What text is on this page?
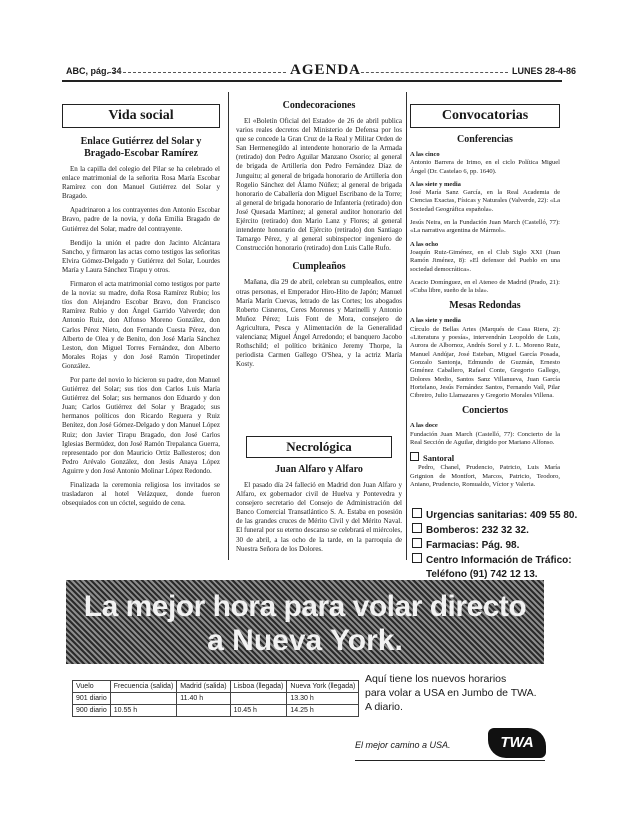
ABC, pág. 34	AGENDA	LUNES 28-4-86
Vida social
Enlace Gutiérrez del Solar y Bragado-Escobar Ramírez

En la capilla del colegio del Pilar se ha celebrado el enlace matrimonial de la señorita Rosa María Escobar Ramírez con don Manuel Gutiérrez del Solar y Bragado.

Apadrinaron a los contrayentes don Antonio Escobar Bravo, padre de la novia, y doña Emilia Bragado de Gutiérrez del Solar, madre del contrayente.

Bendijo la unión el padre don Jacinto Alcántara Sancho, y firmaron las actas como testigos las señoritas Elvira Gómez-Delgado y Gutiérrez del Solar, Lourdes María y Laura Sánchez Tirapu y otros.

Firmaron el acta matrimonial como testigos por parte de la novia: su madre, doña Rosa Ramírez Rubio; los tíos don Alejandro Escobar Bravo, don Francisco Ramírez Rubio y don Ángel Garrido Valverde; don Antonio Ruiz, don Alfonso Moreno González, don Carlos Pérez Nieto, don Fernando Cuesta Pérez, don Alberto de Olea y de Benito, don José María Sánchez Leston, don Miguel Torres Fernández, don Alberto Morales Rojas y don José Ramón Tiropetinder González.

Por parte del novio lo hicieron su padre, don Manuel Gutiérrez del Solar; sus tíos don Carlos Luis María Gutiérrez del Solar; sus hermanos don Eduardo y don Juan; Carlos Gutiérrez del Solar y Bragado; sus hermanos políticos don Ricardo Reguera y Ruiz Benítez, don José Gómez-Delgado y don Manuel López Ruiz; don Javier Tirapu Bragado, don José Carlos Iglesias Bermúdez, don José Ramón Trepalanca Guerra, representado por don Mauricio Ortiz Ballesteros; don Pedro Arévalo González, don Jesús Anaya López Aguirre y don José Antonio Molinar López Redondo.

Finalizada la ceremonia religiosa los invitados se trasladaron al hotel Velázquez, donde fueron obsequiados con un cóctel, seguido de cena.

Condecoraciones

El «Boletín Oficial del Estado» de 26 de abril publica varios reales decretos del Ministerio de Defensa por los que se concede la Gran Cruz de la Real y Militar Orden de San Hermenegildo al intendente honorario de la Armada (retirado) don Pedro Aguilar Manzano Osorio; al general de brigada de Artillería don Pedro Fernández Díaz de Junguitu; al general de brigada honorario de Artillería don Rogelio Sánchez del Álamo Núñez; al general de brigada honorario de Caballería don Miguel Escribano de la Torre; al general de brigada honorario de Infantería (retirado) don José Quesada Martínez; al general auditor honorario del Ejército (retirado) don Mario Lanz y Flores; al general intendente honorario del Ejército (retirado) don Santiago Tamargo Pérez, y al general subinspector ingeniero de Construcción honorario (retirado) don Luis Calle Rufo.

Cumpleaños

Mañana, día 29 de abril, celebran su cumpleaños, entre otras personas, el Emperador Hiro-Hito de Japón; Manuel María Marín Cuevas, letrado de las Cortes; los abogados Roberto Cisneros, Ceres Morenes y Marinelli y Antonio Muñoz Pérez; Luis Font de Mora, consejero de Agricultura, Pesca y Alimentación de la Generalidad valenciana; Miguel Ángel Arredondo; el banquero Jacobo Rothschild; el político británico Jeremy Thorpe, la periodista Carmen Gallego O'Shea, y la actriz María Kosty.

Necrológica
Juan Alfaro y Alfaro

El pasado día 24 falleció en Madrid don Juan Alfaro y Alfaro, ex gobernador civil de Huelva y Pontevedra y consejero secretario del Consejo de Administración del Banco Comercial Transatlántico S. A. Estaba en posesión de las grandes cruces de Mérito Civil y del Mérito Naval. El funeral por su eterno descanso se celebrará el miércoles, 30 de abril, a las ocho de la tarde, en la parroquia de Nuestra Señora de los Dolores.

Convocatorias
Conferencias
A las cinco

Antonio Barrera de Irimo, en el ciclo Política Miguel Ángel (Dr. Castelao 6, pp. 1640).

A las siete y media

José María Sanz García, en la Real Academia de Ciencias Exactas, Físicas y Naturales (Valverde, 22): «La Sociedad Geográfica española».

Jesús Neira, en la Fundación Juan March (Castelló, 77): «La narrativa argentina de Mármol».

A las ocho

Joaquín Ruiz-Giménez, en el Club Siglo XXI (Juan Ramón Jiménez, 8): «El defensor del Pueblo en una sociedad democrática».

Acacio Domínguez, en el Ateneo de Madrid (Prado, 21): «Cuba libre, sueño de la isla».

Mesas Redondas
A las siete y media

Círculo de Bellas Artes (Marqués de Casa Riera, 2): «Literatura y poesía», intervendrán Leopoldo de Luis, Aurora de Albornoz, Andrés Sorel y J. L. Moreno Ruiz, Manuel Andújar, José Esteban, Miguel García Posada, Gonzalo Santonja, Edmundo de Guzmán, Ernesto Giménez Caballero, Rafael Conte, Gregorio Gallego, Dolores Medio, Santos Sanz Villanueva, Juan García Hortelano, Jesús Fernández Santos, Fernando Vaíl, Pilar Cibreiro, Julio Llamazares y Gregorio Morales Villena.

Conciertos
A las doce

Fundación Juan March (Castelló, 77): Concierto de la Real Sección de Aguilar, dirigido por Mariano Alfonso.

Santoral

Pedro, Chanel, Prudencio, Patricio, Luis María Grignion de Montfort, Marcos, Patricio, Teodoro, Aniano, Prudencio, Romualdo, Víctor y Valeria.

Urgencias sanitarias: 409 55 80.
Bomberos: 232 32 32.
Farmacias: Pág. 98.
Centro Información de Tráfico:
Teléfono (91) 742 12 13.
La mejor hora para volar directo
a Nueva York.
Vuelo	Frecuencia (salida)	Madrid (salida)	Lisboa (llegada)	Nueva York (llegada)
901 diario		11.40 h		13.30 h
900 diario	10.55 h		10.45 h	14.25 h
Aquí tiene los nuevos horarios
para volar a USA en Jumbo de TWA.
A diario.
El mejor camino a USA.	TWA
